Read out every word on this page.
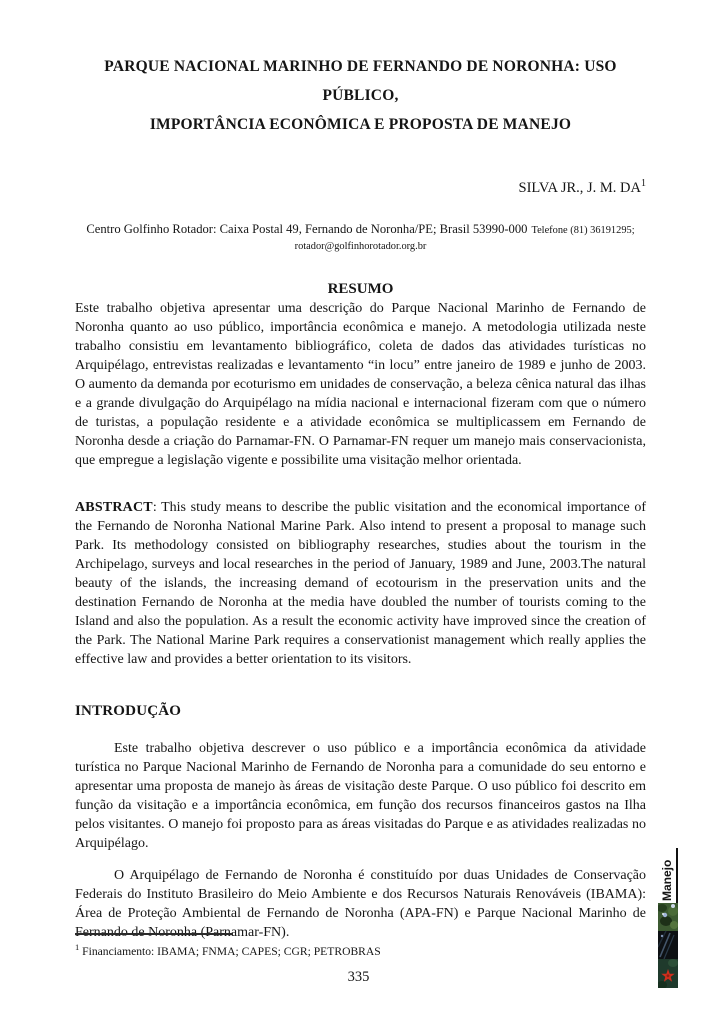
PARQUE NACIONAL MARINHO DE FERNANDO DE NORONHA: USO PÚBLICO,
IMPORTÂNCIA ECONÔMICA E PROPOSTA DE MANEJO
SILVA JR., J. M. $DA^1$
Centro Golfinho Rotador: Caixa Postal 49, Fernando de Noronha/PE; Brasil 53990-000 Telefone (81) 36191295;
rotador@golfinhorotador.org.br
RESUMO

Este trabalho objetiva apresentar uma descrição do Parque Nacional Marinho de Fernando de Noronha quanto ao uso público, importância econômica e manejo. A metodologia utilizada neste trabalho consistiu em levantamento bibliográfico, coleta de dados das atividades turísticas no Arquipélago, entrevistas realizadas e levantamento “in locu” entre janeiro de 1989 e junho de 2003. O aumento da demanda por ecoturismo em unidades de conservação, a beleza cênica natural das ilhas e a grande divulgação do Arquipélago na mídia nacional e internacional fizeram com que o número de turistas, a população residente e a atividade econômica se multiplicassem em Fernando de Noronha desde a criação do Parnamar-FN. O Parnamar-FN requer um manejo mais conservacionista, que empregue a legislação vigente e possibilite uma visitação melhor orientada.

ABSTRACT: This study means to describe the public visitation and the economical importance of the Fernando de Noronha National Marine Park. Also intend to present a proposal to manage such Park. Its methodology consisted on bibliography researches, studies about the tourism in the Archipelago, surveys and local researches in the period of January, 1989 and June, 2003.The natural beauty of the islands, the increasing demand of ecotourism in the preservation units and the destination Fernando de Noronha at the media have doubled the number of tourists coming to the Island and also the population. As a result the economic activity have improved since the creation of the Park. The National Marine Park requires a conservationist management which really applies the effective law and provides a better orientation to its visitors.

INTRODUÇÃO

Este trabalho objetiva descrever o uso público e a importância econômica da atividade turística no Parque Nacional Marinho de Fernando de Noronha para a comunidade do seu entorno e apresentar uma proposta de manejo às áreas de visitação deste Parque. O uso público foi descrito em função da visitação e a importância econômica, em função dos recursos financeiros gastos na Ilha pelos visitantes. O manejo foi proposto para as áreas visitadas do Parque e as atividades realizadas no Arquipélago.

O Arquipélago de Fernando de Noronha é constituído por duas Unidades de Conservação Federais do Instituto Brasileiro do Meio Ambiente e dos Recursos Naturais Renováveis (IBAMA): Área de Proteção Ambiental de Fernando de Noronha (APA-FN) e Parque Nacional Marinho de Fernando de Noronha (Parnamar-FN).

$^1$ Financiamento: IBAMA; FNMA; CAPES; CGR; PETROBRAS
335
Manejo
